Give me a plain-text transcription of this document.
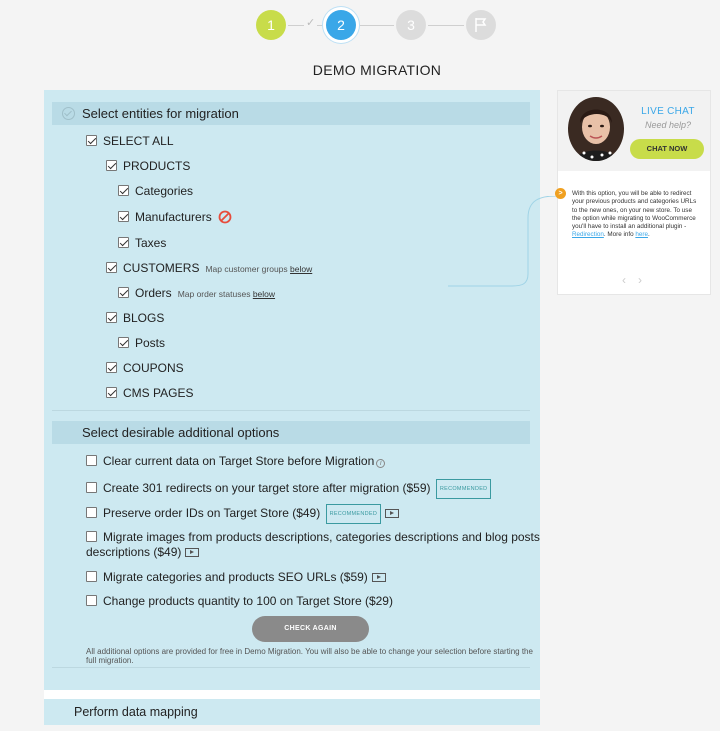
✓
1	2	3
DEMO MIGRATION
Select entities for migration
SELECT ALL
PRODUCTS
Categories
Manufacturers
Taxes
CUSTOMERS Map customer groups below
Orders Map order statuses below
BLOGS
Posts
COUPONS
CMS PAGES
Select desirable additional options
Clear current data on Target Store before Migration i
Create 301 redirects on your target store after migration ($59) RECOMMENDED
Preserve order IDs on Target Store ($49) RECOMMENDED
Migrate images from products descriptions, categories descriptions and blog posts
descriptions ($49)
Migrate categories and products SEO URLs ($59)
Change products quantity to 100 on Target Store ($29)
CHECK AGAIN
All additional options are provided for free in Demo Migration. You will also be able to change your selection before starting the full migration.
Perform data mapping
LIVE CHAT
Need help?
CHAT NOW
>	With this option, you will be able to redirect your previous products and categories URLs to the new ones, on your new store. To use the option while migrating to WooCommerce you'll have to install an additional plugin - Redirection. More info here.
‹ ›
